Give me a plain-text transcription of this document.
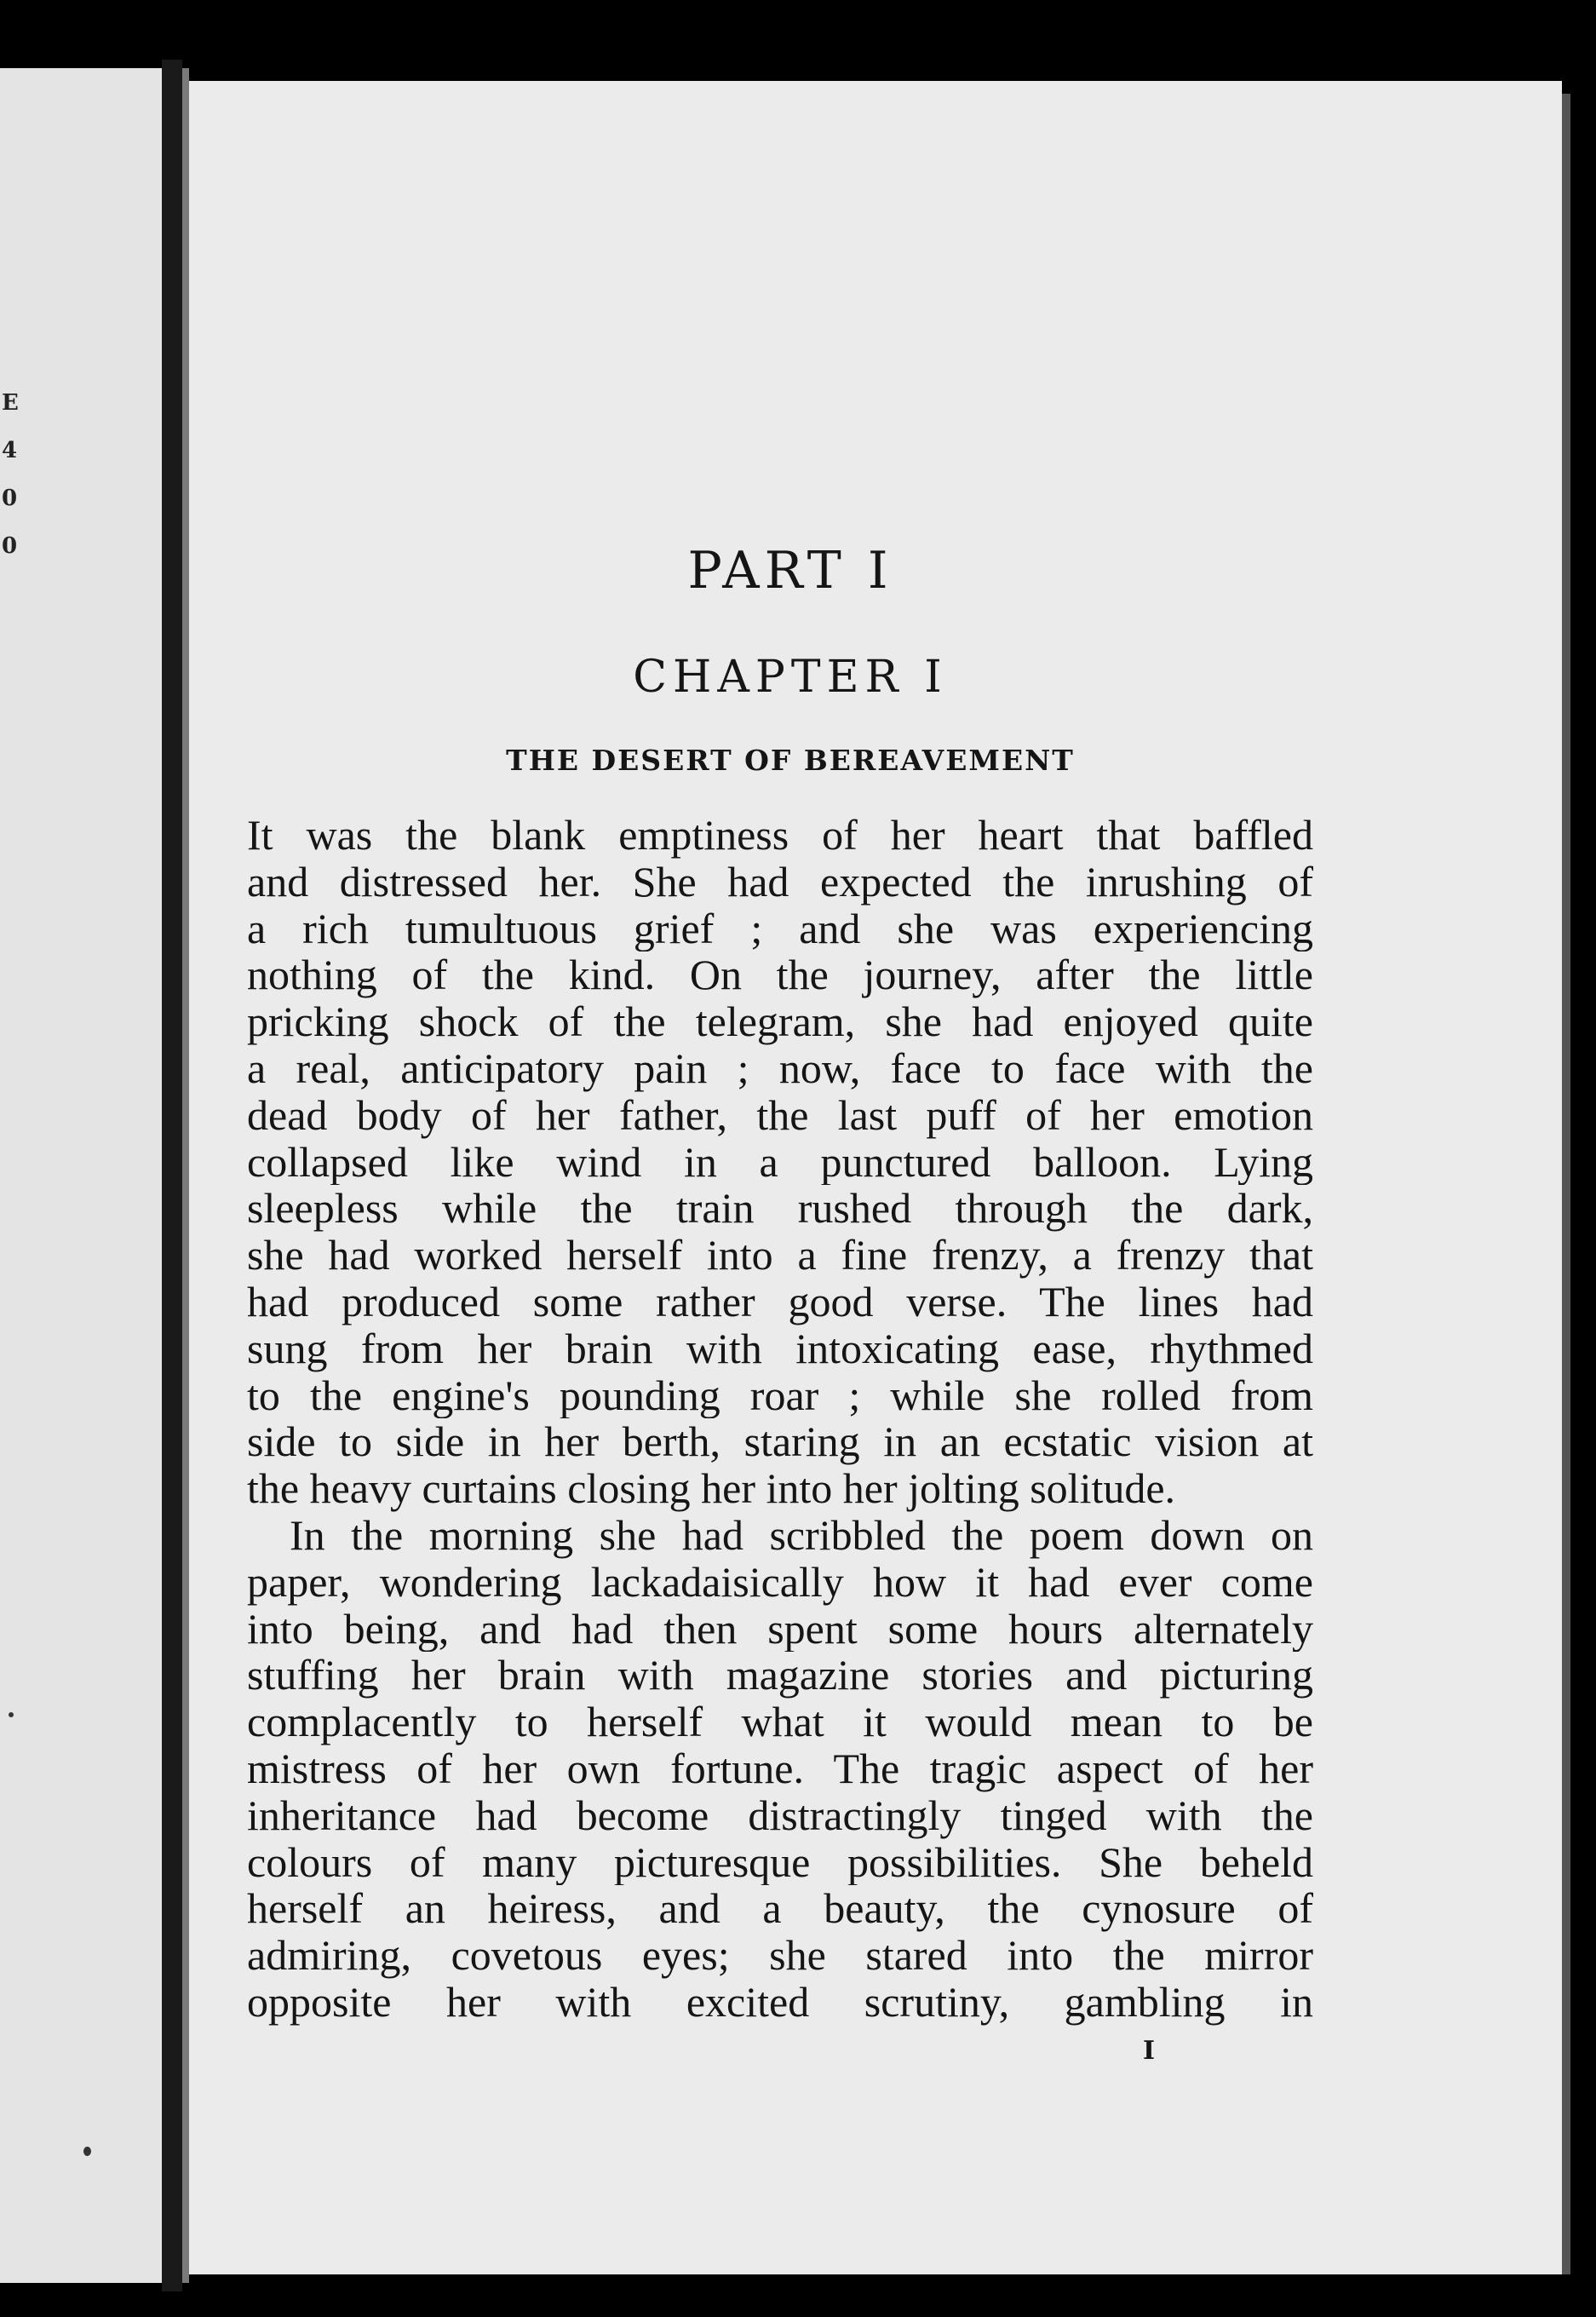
E
4
0
0	PART I
CHAPTER I
THE DESERT OF BEREAVEMENT
It was the blank emptiness of her heart that baffled
and distressed her. She had expected the inrushing of
a rich tumultuous grief ; and she was experiencing
nothing of the kind. On the journey, after the little
pricking shock of the telegram, she had enjoyed quite
a real, anticipatory pain ; now, face to face with the
dead body of her father, the last puff of her emotion
collapsed like wind in a punctured balloon. Lying
sleepless while the train rushed through the dark,
she had worked herself into a fine frenzy, a frenzy that
had produced some rather good verse. The lines had
sung from her brain with intoxicating ease, rhythmed
to the engine's pounding roar ; while she rolled from
side to side in her berth, staring in an ecstatic vision at
the heavy curtains closing her into her jolting solitude.
In the morning she had scribbled the poem down on
paper, wondering lackadaisically how it had ever come
into being, and had then spent some hours alternately
stuffing her brain with magazine stories and picturing
complacently to herself what it would mean to be
mistress of her own fortune. The tragic aspect of her
inheritance had become distractingly tinged with the
colours of many picturesque possibilities. She beheld
herself an heiress, and a beauty, the cynosure of
admiring, covetous eyes; she stared into the mirror
opposite her with excited scrutiny, gambling in
I
